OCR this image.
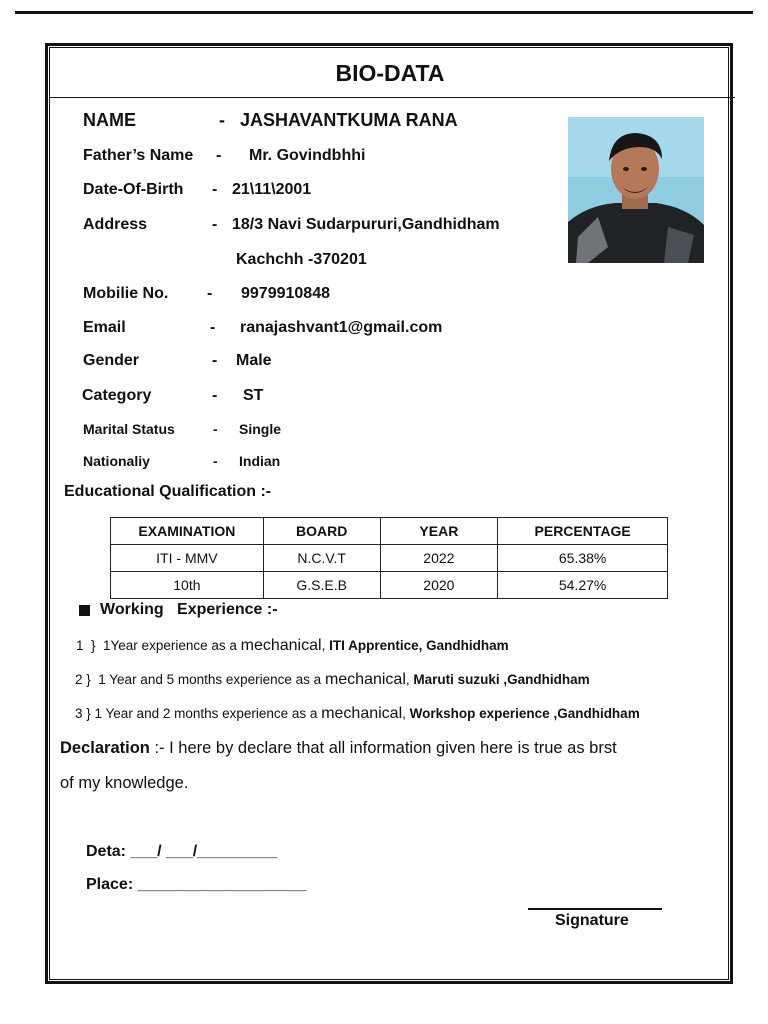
BIO-DATA
NAME	- JASHAVANTKUMA RANA
Father’s Name - Mr. Govindbhhi
Date-Of-Birth - 21\11\2001
Address	- 18/3 Navi Sudarpururi,Gandhidham
Kachchh -370201
Mobilie No. - 9979910848
Email	- ranajashvant1@gmail.com
Gender	- Male
Category	- ST
Marital Status	- Single
Nationaliy	- Indian
Educational Qualification :-
EXAMINATION	BOARD	YEAR	PERCENTAGE
ITI - MMV	N.C.V.T	2022	65.38%
10th	G.S.E.B	2020	54.27%
Working   Experience :-
1  }  1Year experience as a mechanical, ITI Apprentice, Gandhidham
2 }  1 Year and 5 months experience as a mechanical, Maruti suzuki ,Gandhidham
3 } 1 Year and 2 months experience as a mechanical, Workshop experience ,Gandhidham
Declaration :- I here by declare that all information given here is true as brst
of my knowledge.
Deta: ___/ ___/_________
Place: ___________________
Signature
